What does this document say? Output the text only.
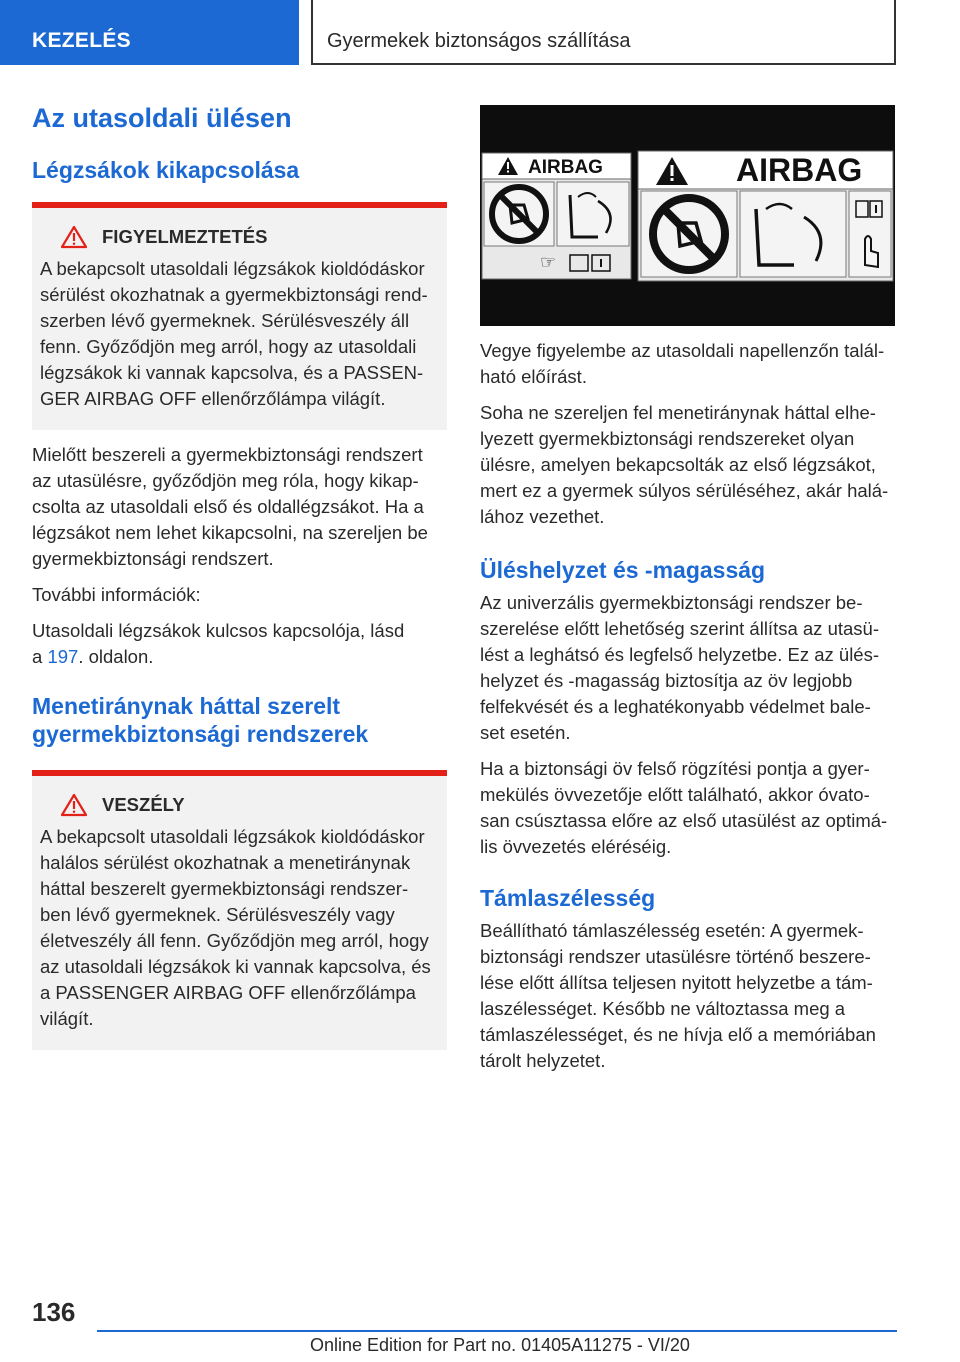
KEZELÉS	Gyermekek biztonságos szállítása
Az utasoldali ülésen
Légzsákok kikapcsolása
FIGYELMEZTETÉS

A bekapcsolt utasoldali légzsákok kioldódáskor
sérülést okozhatnak a gyermekbiztonsági rend-
szerben lévő gyermeknek. Sérülésveszély áll
fenn. Győződjön meg arról, hogy az utasoldali
légzsákok ki vannak kapcsolva, és a PASSEN-
GER AIRBAG OFF ellenőrzőlámpa világít.

Mielőtt beszereli a gyermekbiztonsági rendszert
az utasülésre, győződjön meg róla, hogy kikap-
csolta az utasoldali első és oldallégzsákot. Ha a
légzsákot nem lehet kikapcsolni, na szereljen be
gyermekbiztonsági rendszert.

További információk:

Utasoldali légzsákok kulcsos kapcsolója, lásd
a 197. oldalon.

Menetiránynak háttal szerelt
gyermekbiztonsági rendszerek
VESZÉLY

A bekapcsolt utasoldali légzsákok kioldódáskor
halálos sérülést okozhatnak a menetiránynak
háttal beszerelt gyermekbiztonsági rendszer-
ben lévő gyermeknek. Sérülésveszély vagy
életveszély áll fenn. Győződjön meg arról, hogy
az utasoldali légzsákok ki vannak kapcsolva, és
a PASSENGER AIRBAG OFF ellenőrzőlámpa
világít.

AIRBAG
☞
AIRBAG

Vegye figyelembe az utasoldali napellenzőn talál-
ható előírást.

Soha ne szereljen fel menetiránynak háttal elhe-
lyezett gyermekbiztonsági rendszereket olyan
ülésre, amelyen bekapcsolták az első légzsákot,
mert ez a gyermek súlyos sérüléséhez, akár halá-
lához vezethet.

Üléshelyzet és -magasság

Az univerzális gyermekbiztonsági rendszer be-
szerelése előtt lehetőség szerint állítsa az utasü-
lést a leghátsó és legfelső helyzetbe. Ez az ülés-
helyzet és -magasság biztosítja az öv legjobb
felfekvését és a leghatékonyabb védelmet bale-
set esetén.

Ha a biztonsági öv felső rögzítési pontja a gyer-
mekülés övvezetője előtt található, akkor óvato-
san csúsztassa előre az első utasülést az optimá-
lis övvezetés eléréséig.

Támlaszélesség

Beállítható támlaszélesség esetén: A gyermek-
biztonsági rendszer utasülésre történő beszere-
lése előtt állítsa teljesen nyitott helyzetbe a tám-
laszélességet. Később ne változtassa meg a
támlaszélességet, és ne hívja elő a memóriában
tárolt helyzetet.

136
Online Edition for Part no. 01405A11275 - VI/20
